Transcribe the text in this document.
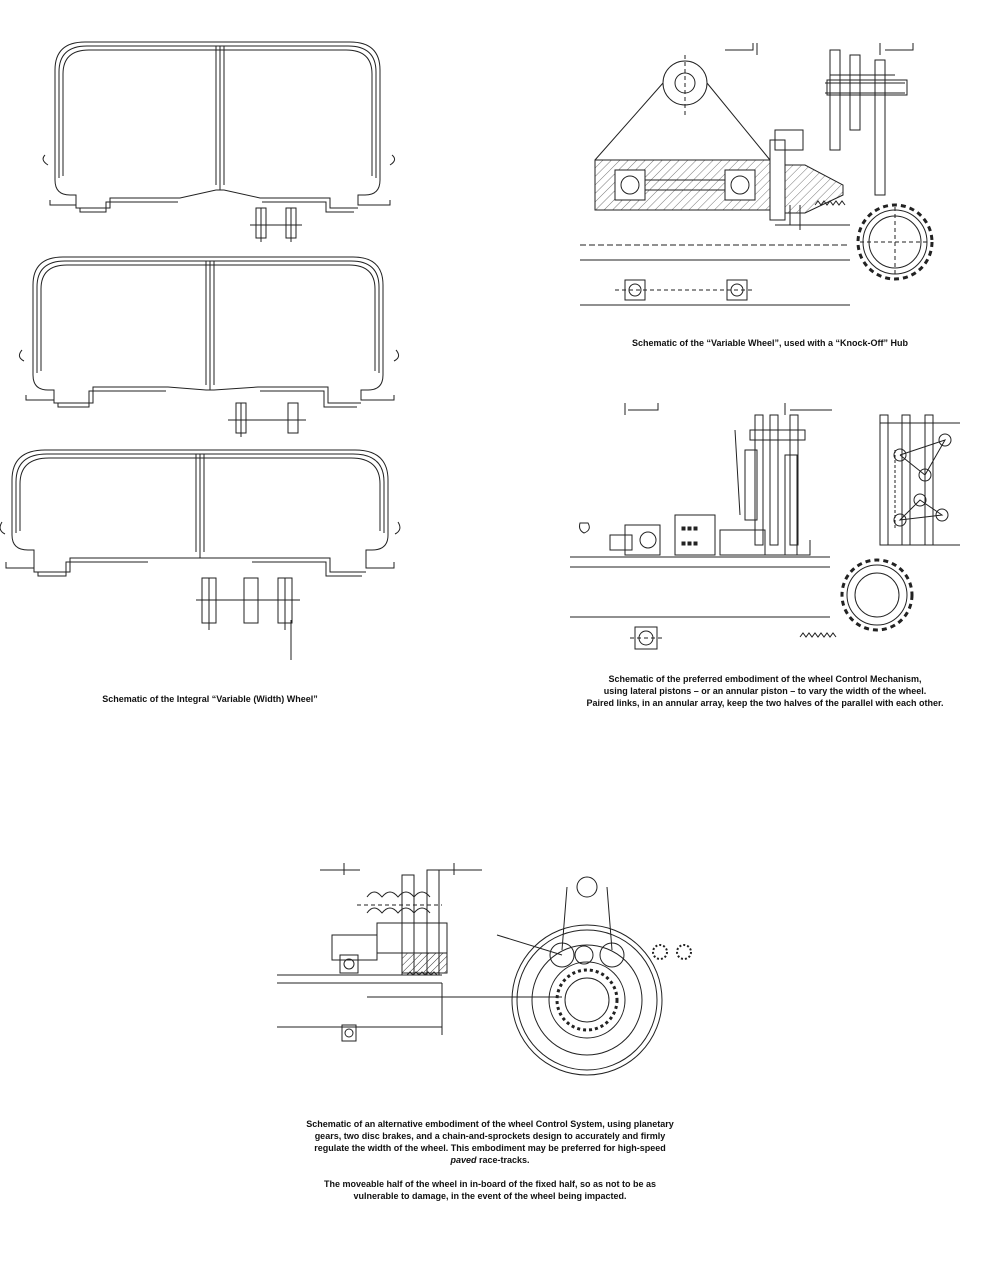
Schematic of the Integral “Variable (Width) Wheel”

Schematic of the “Variable Wheel”, used with a “Knock-Off” Hub

Schematic of the preferred embodiment of the wheel Control Mechanism,

using lateral pistons – or an annular piston – to vary the width of the wheel.

Paired links, in an annular array, keep the two halves of the parallel with each other.

Schematic of an alternative embodiment of the wheel Control System, using planetary

gears, two disc brakes, and a chain-and-sprockets design to accurately and firmly

regulate the width of the wheel. This embodiment may be preferred for high-speed

paved race-tracks.

The moveable half of the wheel in in-board of the fixed half, so as not to be as

vulnerable to damage, in the event of the wheel being impacted.
